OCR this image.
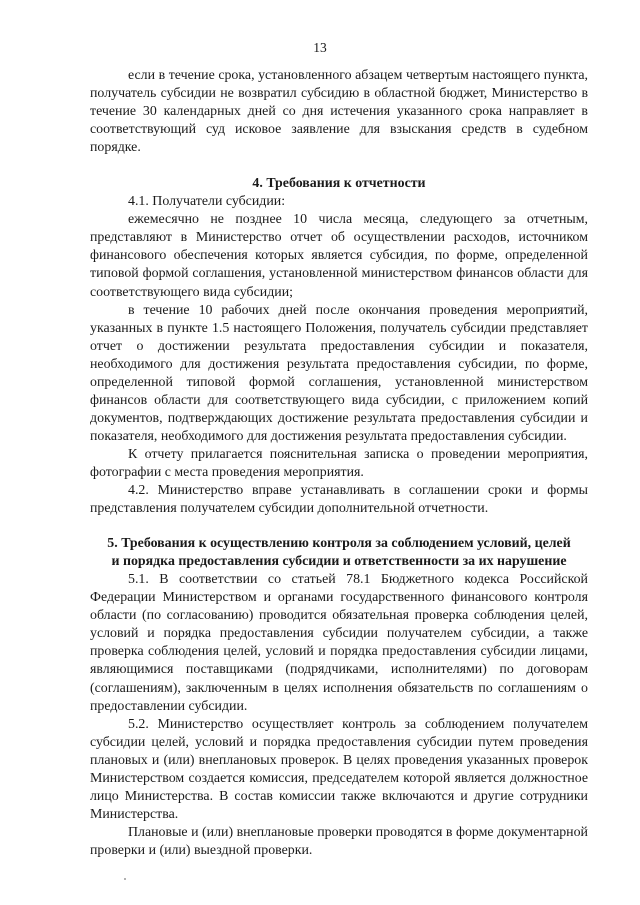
13

если в течение срока, установленного абзацем четвертым настоящего пункта, получатель субсидии не возвратил субсидию в областной бюджет, Министерство в течение 30 календарных дней со дня истечения указанного срока направляет в соответствующий суд исковое заявление для взыскания средств в судебном порядке.

4. Требования к отчетности

4.1. Получатели субсидии:

ежемесячно не позднее 10 числа месяца, следующего за отчетным, представляют в Министерство отчет об осуществлении расходов, источником финансового обеспечения которых является субсидия, по форме, определенной типовой формой соглашения, установленной министерством финансов области для соответствующего вида субсидии;

в течение 10 рабочих дней после окончания проведения мероприятий, указанных в пункте 1.5 настоящего Положения, получатель субсидии представляет отчет о достижении результата предоставления субсидии и показателя, необходимого для достижения результата предоставления субсидии, по форме, определенной типовой формой соглашения, установленной министерством финансов области для соответствующего вида субсидии, с приложением копий документов, подтверждающих достижение результата предоставления субсидии и показателя, необходимого для достижения результата предоставления субсидии.

К отчету прилагается пояснительная записка о проведении мероприятия, фотографии с места проведения мероприятия.

4.2. Министерство вправе устанавливать в соглашении сроки и формы представления получателем субсидии дополнительной отчетности.

5. Требования к осуществлению контроля за соблюдением условий, целей
и порядка предоставления субсидии и ответственности за их нарушение

5.1. В соответствии со статьей 78.1 Бюджетного кодекса Российской Федерации Министерством и органами государственного финансового контроля области (по согласованию) проводится обязательная проверка соблюдения целей, условий и порядка предоставления субсидии получателем субсидии, а также проверка соблюдения целей, условий и порядка предоставления субсидии лицами, являющимися поставщиками (подрядчиками, исполнителями) по договорам (соглашениям), заключенным в целях исполнения обязательств по соглашениям о предоставлении субсидии.

5.2. Министерство осуществляет контроль за соблюдением получателем субсидии целей, условий и порядка предоставления субсидии путем проведения плановых и (или) внеплановых проверок. В целях проведения указанных проверок Министерством создается комиссия, председателем которой является должностное лицо Министерства. В состав комиссии также включаются и другие сотрудники Министерства.

Плановые и (или) внеплановые проверки проводятся в форме документарной проверки и (или) выездной проверки.
